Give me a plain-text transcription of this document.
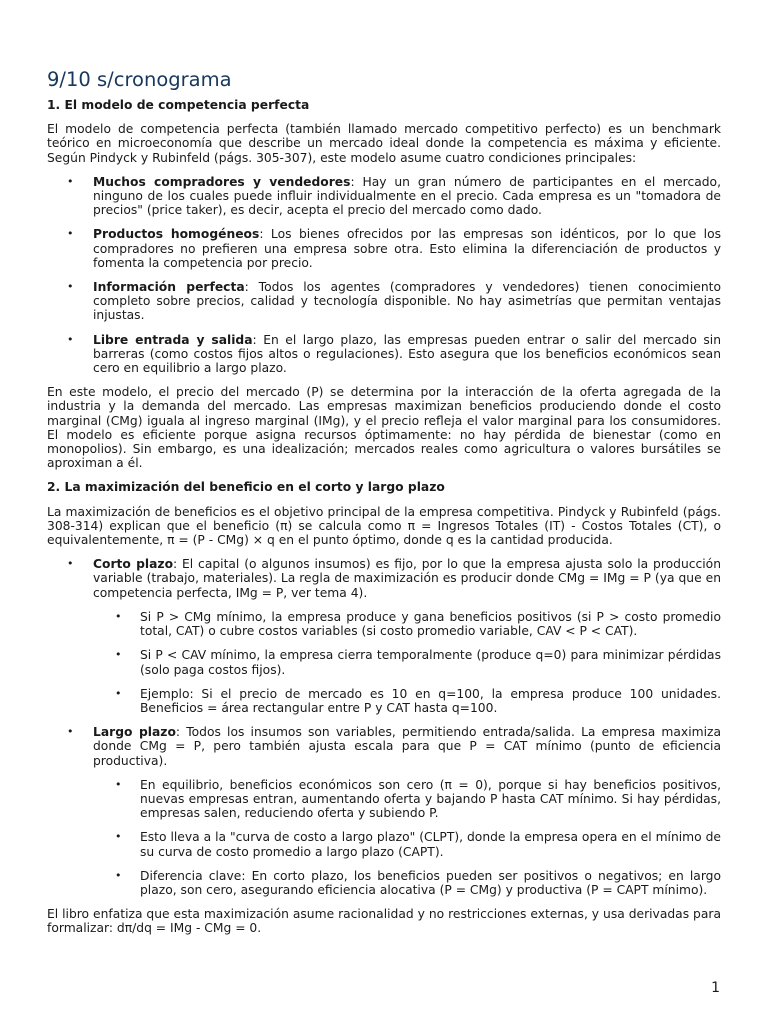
9/10 s/cronograma
1. El modelo de competencia perfecta

El modelo de competencia perfecta (también llamado mercado competitivo perfecto) es un benchmark teórico en microeconomía que describe un mercado ideal donde la competencia es máxima y eficiente. Según Pindyck y Rubinfeld (págs. 305-307), este modelo asume cuatro condiciones principales:

• Muchos compradores y vendedores: Hay un gran número de participantes en el mercado, ninguno de los cuales puede influir individualmente en el precio. Cada empresa es un "tomadora de precios" (price taker), es decir, acepta el precio del mercado como dado.
• Productos homogéneos: Los bienes ofrecidos por las empresas son idénticos, por lo que los compradores no prefieren una empresa sobre otra. Esto elimina la diferenciación de productos y fomenta la competencia por precio.
• Información perfecta: Todos los agentes (compradores y vendedores) tienen conocimiento completo sobre precios, calidad y tecnología disponible. No hay asimetrías que permitan ventajas injustas.
• Libre entrada y salida: En el largo plazo, las empresas pueden entrar o salir del mercado sin barreras (como costos fijos altos o regulaciones). Esto asegura que los beneficios económicos sean cero en equilibrio a largo plazo.

En este modelo, el precio del mercado (P) se determina por la interacción de la oferta agregada de la industria y la demanda del mercado. Las empresas maximizan beneficios produciendo donde el costo marginal (CMg) iguala al ingreso marginal (IMg), y el precio refleja el valor marginal para los consumidores. El modelo es eficiente porque asigna recursos óptimamente: no hay pérdida de bienestar (como en monopolios). Sin embargo, es una idealización; mercados reales como agricultura o valores bursátiles se aproximan a él.

2. La maximización del beneficio en el corto y largo plazo

La maximización de beneficios es el objetivo principal de la empresa competitiva. Pindyck y Rubinfeld (págs. 308-314) explican que el beneficio (π) se calcula como π = Ingresos Totales (IT) - Costos Totales (CT), o equivalentemente, π = (P - CMg) × q en el punto óptimo, donde q es la cantidad producida.

• Corto plazo: El capital (o algunos insumos) es fijo, por lo que la empresa ajusta solo la producción variable (trabajo, materiales). La regla de maximización es producir donde CMg = IMg = P (ya que en competencia perfecta, IMg = P, ver tema 4).
• Si P > CMg mínimo, la empresa produce y gana beneficios positivos (si P > costo promedio total, CAT) o cubre costos variables (si costo promedio variable, CAV < P < CAT).
• Si P < CAV mínimo, la empresa cierra temporalmente (produce q=0) para minimizar pérdidas (solo paga costos fijos).
• Ejemplo: Si el precio de mercado es 10 en q=100, la empresa produce 100 unidades. Beneficios = área rectangular entre P y CAT hasta q=100.
• Largo plazo: Todos los insumos son variables, permitiendo entrada/salida. La empresa maximiza donde CMg = P, pero también ajusta escala para que P = CAT mínimo (punto de eficiencia productiva).
• En equilibrio, beneficios económicos son cero (π = 0), porque si hay beneficios positivos, nuevas empresas entran, aumentando oferta y bajando P hasta CAT mínimo. Si hay pérdidas, empresas salen, reduciendo oferta y subiendo P.
• Esto lleva a la "curva de costo a largo plazo" (CLPT), donde la empresa opera en el mínimo de su curva de costo promedio a largo plazo (CAPT).
• Diferencia clave: En corto plazo, los beneficios pueden ser positivos o negativos; en largo plazo, son cero, asegurando eficiencia alocativa (P = CMg) y productiva (P = CAPT mínimo).

El libro enfatiza que esta maximización asume racionalidad y no restricciones externas, y usa derivadas para formalizar: dπ/dq = IMg - CMg = 0.

1
